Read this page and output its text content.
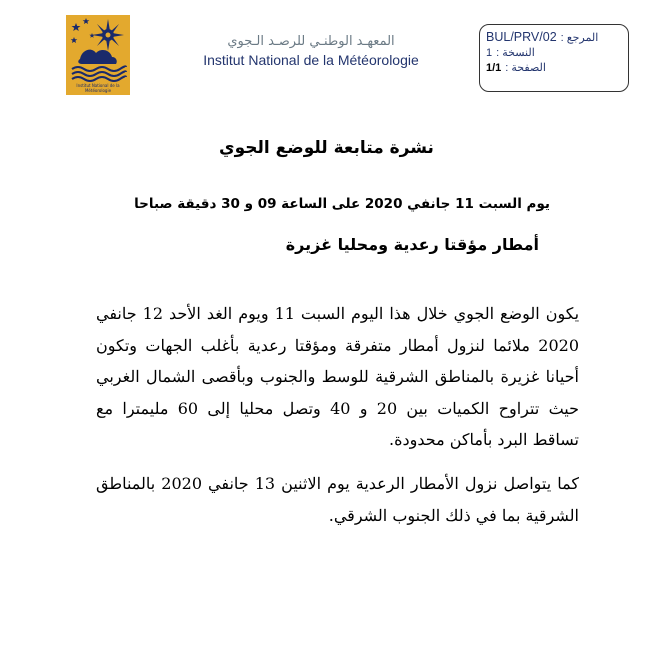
Institut National de la Météorologie
المعهـد الوطنـي للرصـد الـجوي
Institut National de la Météorologie
المرجع :
BUL/PRV/02
النسخة :
1
الصفحة :
1/1
نشرة متابعة للوضع الجوي
يوم السبت 11 جانفي 2020 على الساعة 09 و 30 دقيقة صباحا
أمطار مؤقتا رعدية ومحليا غزيرة

يكون الوضع الجوي خلال هذا اليوم السبت 11 ويوم الغد الأحد 12 جانفي 2020 ملائما لنزول أمطار متفرقة ومؤقتا رعدية بأغلب الجهات وتكون أحيانا غزيرة بالمناطق الشرقية للوسط والجنوب وبأقصى الشمال الغربي حيث تتراوح الكميات بين 20 و 40 وتصل محليا إلى 60 مليمترا مع تساقط البرد بأماكن محدودة.

كما يتواصل نزول الأمطار الرعدية يوم الاثنين 13 جانفي 2020 بالمناطق الشرقية بما في ذلك الجنوب الشرقي.
